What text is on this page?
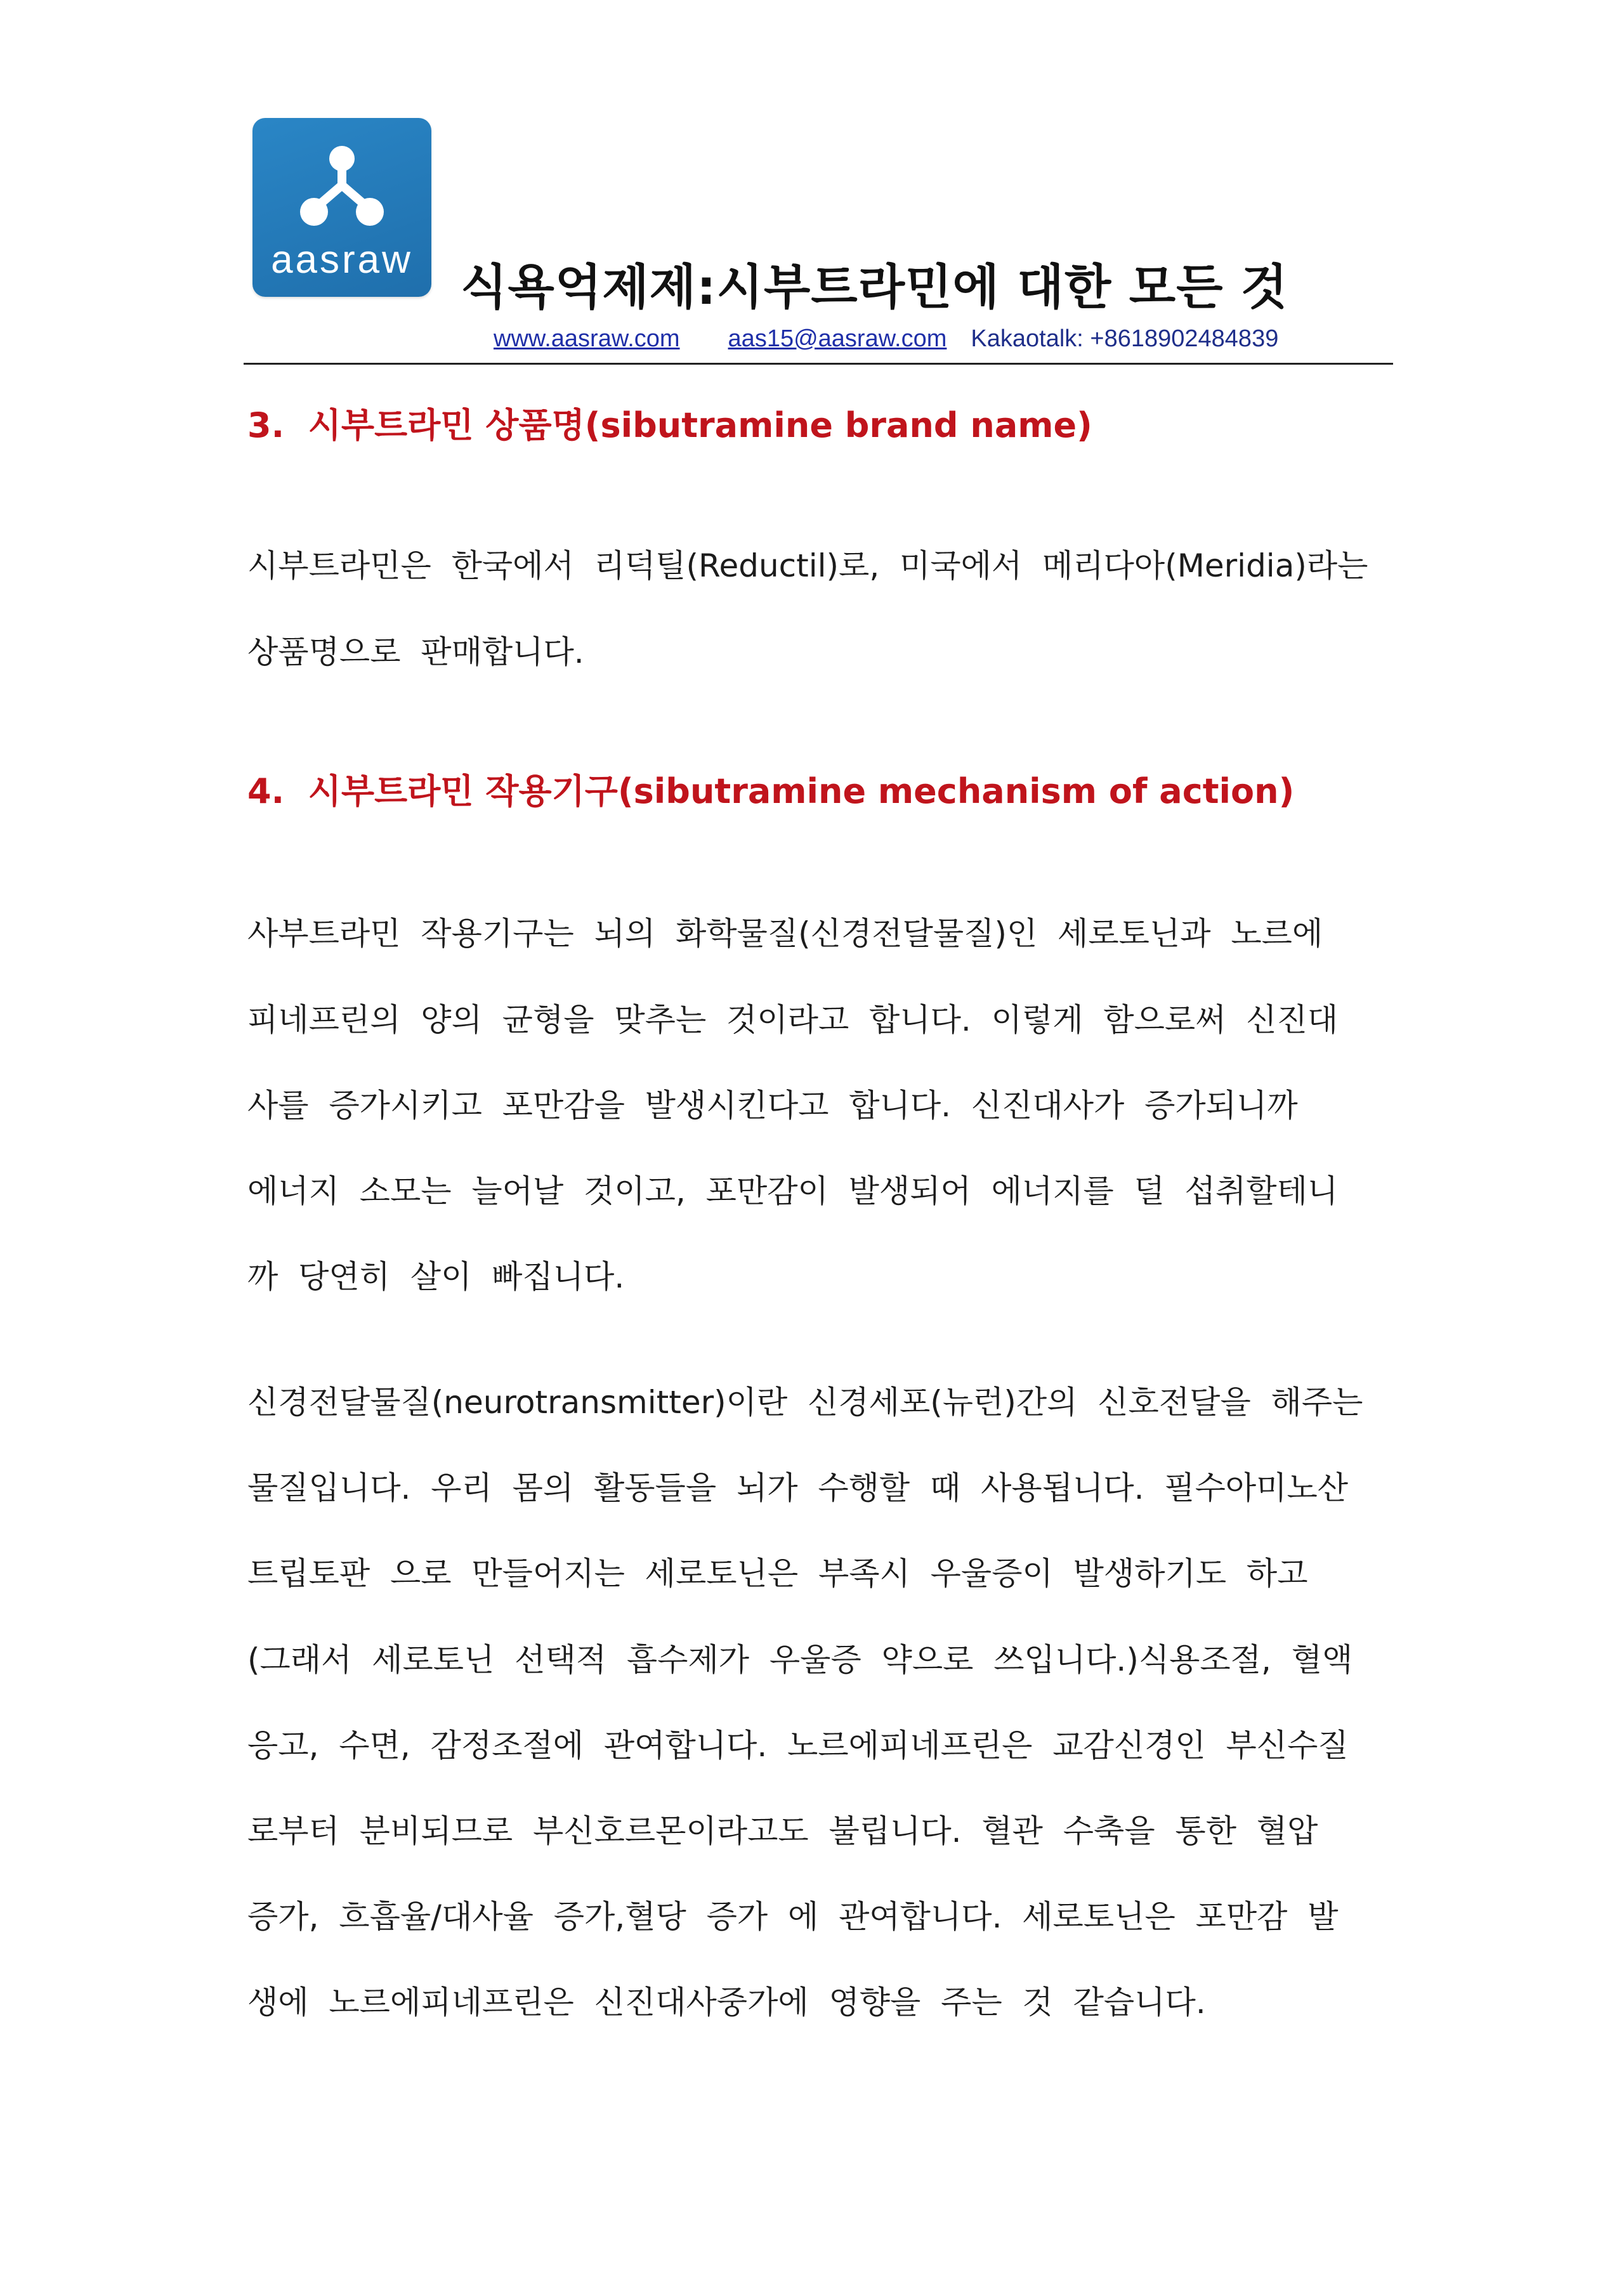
aasraw 식욕억제제:시부트라민에 대한 모든 것
www.aasraw.com aas15@aasraw.com Kakaotalk: +8618902484839
3.  시부트라민 상품명(sibutramine brand name)
시부트라민은  한국에서  리덕틸(Reductil)로,  미국에서  메리다아(Meridia)라는
상품명으로  판매합니다.
4.  시부트라민 작용기구(sibutramine mechanism of action)
사부트라민  작용기구는  뇌의  화학물질(신경전달물질)인  세로토닌과  노르에
피네프린의  양의  균형을  맞추는  것이라고  합니다.  이렇게  함으로써  신진대
사를  증가시키고  포만감을  발생시킨다고  합니다.  신진대사가  증가되니까
에너지  소모는  늘어날  것이고,  포만감이  발생되어  에너지를  덜  섭취할테니
까  당연히  살이  빠집니다.
신경전달물질(neurotransmitter)이란  신경세포(뉴런)간의  신호전달을  해주는
물질입니다.  우리  몸의  활동들을  뇌가  수행할  때  사용됩니다.  필수아미노산
트립토판  으로  만들어지는  세로토닌은  부족시  우울증이  발생하기도  하고
(그래서  세로토닌  선택적  흡수제가  우울증  약으로  쓰입니다.)식용조절,  혈액
응고,  수면,  감정조절에  관여합니다.  노르에피네프린은  교감신경인  부신수질
로부터  분비되므로  부신호르몬이라고도  불립니다.  혈관  수축을  통한  혈압
증가,  흐흡율/대사율  증가,혈당  증가  에  관여합니다.  세로토닌은  포만감  발
생에  노르에피네프린은  신진대사중가에  영향을  주는  것  같습니다.
